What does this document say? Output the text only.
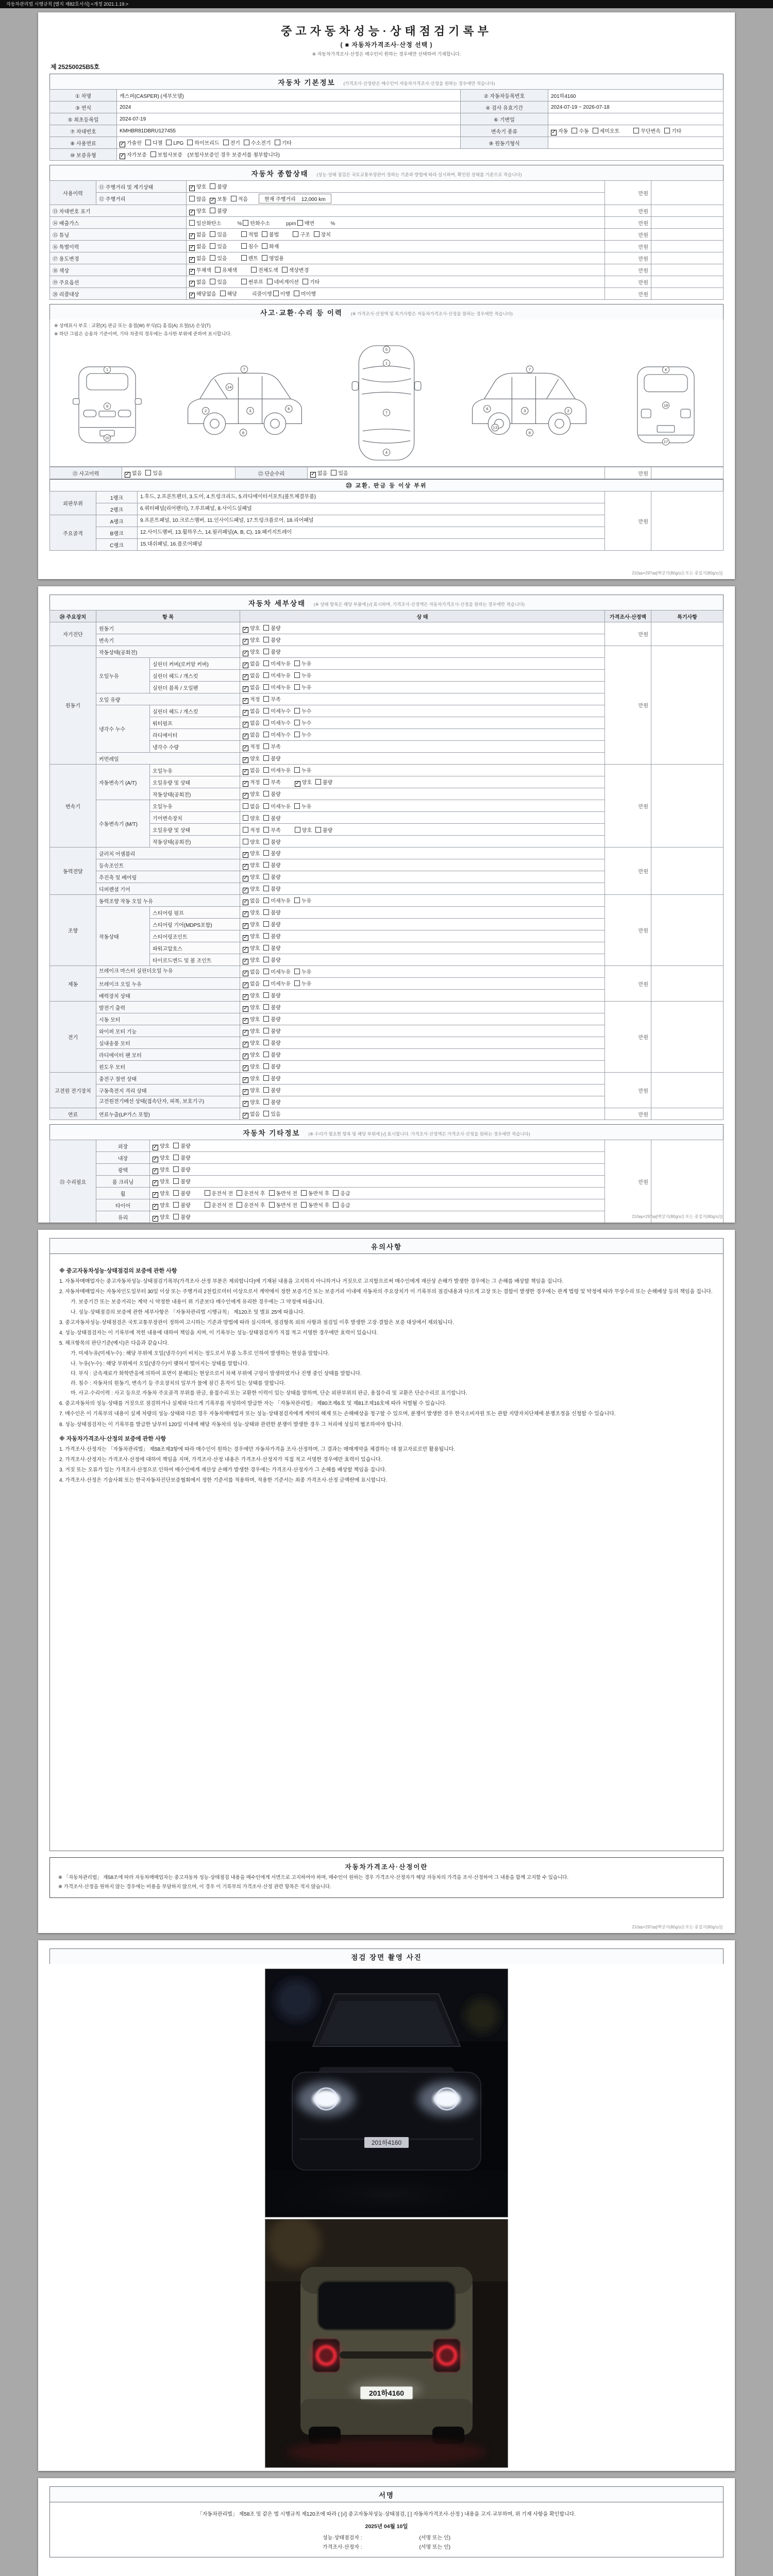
자동차관리법 시행규칙 [별지 제82호서식] <개정 2021.1.19.>
중고자동차성능·상태점검기록부
( ■ 자동차가격조사·산정 선택 )
※ 자동차가격조사·산정은 매수인이 원하는 경우에만 선택하여 기재합니다.
제 25250025B5호
자동차 기본정보 (가격조사·산정란은 매수인이 자동차가격조사·산정을 원하는 경우에만 적습니다)
① 차명	캐스퍼(CASPER) (세부모델)	② 자동차등록번호	201하4160
③ 연식	2024	④ 검사 유효기간	2024-07-19 ~ 2026-07-18
⑤ 최초등록일	2024-07-19	⑥ 기변일	
⑦ 차대번호	KMHBR81DBRU127455	변속기 종류	✓ 자동 수동 세미오토 무단변속 기타
⑧ 사용연료	✓ 가솔린 디젤 LPG 하이브리드 전기 수소전기 기타	⑨ 원동기형식	
⑩ 보증유형	✓ 자가보증 보험사보증 (보험사보증인 경우 보증서를 첨부합니다)		
자동차 종합상태 (성능·상태 점검은 국토교통부장관이 정하는 기준과 방법에 따라 실시하며, 확인된 상태를 기준으로 적습니다)
사용이력	⑪ 주행거리 및 계기상태	✓ 양호 불량	만원	
	⑫ 주행거리	많음 ✓ 보통 적음 현재 주행거리    12,000 km		
⑬ 차대번호 표기		✓ 양호 불량	만원	
⑭ 배출가스		일산화탄소        % 탄화수소        ppm 매연        %	만원	
⑮ 튜닝		✓ 없음 있음 적법 불법 구조 장치	만원	
⑯ 특별이력		✓ 없음 있음 침수 화재	만원	
⑰ 용도변경		✓ 없음 있음 렌트 영업용	만원	
⑱ 색상		✓ 무채색 유채색 전체도색 색상변경	만원	
⑲ 주요옵션		✓ 없음 있음 썬루프 네비게이션 기타	만원	
⑳ 리콜대상		✓ 해당없음 해당 리콜이행 이행 미이행	만원	
사고·교환·수리 등 이력 (※ 가격조사·산정액 및 특기사항은 자동차가격조사·산정을 원하는 경우에만 적습니다)
※ 상태표시 부호 : 교환(X) 판금 또는 용접(W) 부식(C) 흠집(A) 요철(U) 손상(T)
※ 하단 그림은 승용차 기준이며, 기타 차종의 경우에는 유사한 부위에 준하여 표시합니다.
1
9
10
2	3	6
7
8
14
5
1
7
4
2
3
6
7
8
13
4
18
17
㉑ 사고이력	✓ 없음 있음	㉒ 단순수리	✓ 없음 있음	만원	
㉓ 교환, 판금 등 이상 부위
외판부위	1랭크	1.후드, 2.프론트펜더, 3.도어, 4.트렁크리드, 5.라디에이터서포트(볼트체결부품)	만원	
	2랭크	6.쿼터패널(리어펜더), 7.루프패널, 8.사이드실패널		
주요골격	A랭크	9.프론트패널, 10.크로스멤버, 11.인사이드패널, 17.트렁크플로어, 18.리어패널		
	B랭크	12.사이드멤버, 13.휠하우스, 14.필러패널(A, B, C), 19.패키지트레이		
	C랭크	15.대쉬패널, 16.플로어패널		
210㎜×297㎜[백상지(80g/㎡) 또는 중질지(80g/㎡)]
자동차 세부상태 (※ 상태 항목은 해당 부품에 [√] 표시하며, 가격조사·산정액은 자동차가격조사·산정을 원하는 경우에만 적습니다)
㉔ 주요장치	항 목		상 태	가격조사·산정액	특기사항
자기진단	원동기		✓ 양호 불량	만원	
	변속기		✓ 양호 불량		
원동기	작동상태(공회전)		✓ 양호 불량	만원	
	오일누유	실린더 커버(로커암 커버)	✓ 없음 미세누유 누유		
		실린더 헤드 / 개스킷	✓ 없음 미세누유 누유		
		실린더 블록 / 오일팬	✓ 없음 미세누유 누유		
	오일 유량		✓ 적정 부족		
	냉각수 누수	실린더 헤드 / 개스킷	✓ 없음 미세누수 누수		
		워터펌프	✓ 없음 미세누수 누수		
		라디에이터	✓ 없음 미세누수 누수		
		냉각수 수량	✓ 적정 부족		
	커먼레일		✓ 양호 불량		
변속기	자동변속기 (A/T)	오일누유	✓ 없음 미세누유 누유	만원	
		오일유량 및 상태	✓ 적정 부족 ✓ 양호 불량		
		작동상태(공회전)	✓ 양호 불량		
	수동변속기 (M/T)	오일누유	없음 미세누유 누유		
		기어변속장치	양호 불량		
		오일유량 및 상태	적정 부족 양호 불량		
		작동상태(공회전)	양호 불량		
동력전달	클러치 어셈블리		✓ 양호 불량	만원	
	등속조인트		✓ 양호 불량		
	추진축 및 베어링		✓ 양호 불량		
	디퍼렌셜 기어		✓ 양호 불량		
조향	동력조향 작동 오일 누유		✓ 없음 미세누유 누유	만원	
	작동상태	스티어링 펌프	✓ 양호 불량		
		스티어링 기어(MDPS포함)	✓ 양호 불량		
		스티어링조인트	✓ 양호 불량		
		파워고압호스	✓ 양호 불량		
		타이로드엔드 및 볼 조인트	✓ 양호 불량		
제동	브레이크 마스터 실린더오일 누유		✓ 없음 미세누유 누유	만원	
	브레이크 오일 누유		✓ 없음 미세누유 누유		
	배력장치 상태		✓ 양호 불량		
전기	발전기 출력		✓ 양호 불량	만원	
	시동 모터		✓ 양호 불량		
	와이퍼 모터 기능		✓ 양호 불량		
	실내송풍 모터		✓ 양호 불량		
	라디에이터 팬 모터		✓ 양호 불량		
	윈도우 모터		✓ 양호 불량		
고전원 전기장치	충전구 절연 상태		✓ 양호 불량	만원	
	구동축전지 격리 상태		✓ 양호 불량		
	고전원전기배선 상태(접속단자, 피복, 보호기구)		✓ 양호 불량		
연료	연료누출(LP가스 포함)		✓ 없음 있음	만원	
자동차 기타정보 (※ 수리가 필요한 항목 및 해당 부위에 [√] 표시합니다. 가격조사·산정액은 가격조사·산정을 원하는 경우에만 적습니다)
㉕ 수리필요	외장	✓ 양호 불량	만원	
	내장	✓ 양호 불량		
	광택	✓ 양호 불량		
	룸 크리닝	✓ 양호 불량		
	휠	✓ 양호 불량 운전석 전 운전석 후 동반석 전 동반석 후 응급		
	타이어	✓ 양호 불량 운전석 전 운전석 후 동반석 전 동반석 후 응급		
	유리	✓ 양호 불량		

		210㎜×297㎜[백상지(80g/㎡) 또는 중질지(80g/㎡)]
유의사항
※ 중고자동차성능·상태점검의 보증에 관한 사항
1. 자동차매매업자는 중고자동차성능·상태점검기록부(가격조사·산정 부분은 제외합니다)에 기재된 내용을 고지하지 아니하거나 거짓으로 고지함으로써 매수인에게 재산상 손해가 발생한 경우에는 그 손해를 배상할 책임을 집니다.
2. 자동차매매업자는 자동차인도일부터 30일 이상 또는 주행거리 2천킬로미터 이상으로서 계약에서 정한 보증기간 또는 보증거리 이내에 자동차의 주요장치가 이 기록부의 점검내용과 다르게 고장 또는 결함이 발생한 경우에는 관계 법령 및 약정에 따라 무상수리 또는 손해배상 등의 책임을 집니다.
가. 보증기간 또는 보증거리는 계약 시 약정한 내용이 위 기준보다 매수인에게 유리한 경우에는 그 약정에 따릅니다.
나. 성능·상태점검의 보증에 관한 세부사항은 「자동차관리법 시행규칙」 제120조 및 별표 25에 따릅니다.
3. 중고자동차성능·상태점검은 국토교통부장관이 정하여 고시하는 기준과 방법에 따라 실시하며, 점검항목 외의 사항과 점검일 이후 발생한 고장·결함은 보증 대상에서 제외됩니다.
4. 성능·상태점검자는 이 기록부에 적힌 내용에 대하여 책임을 지며, 이 기록부는 성능·상태점검자가 직접 적고 서명한 경우에만 효력이 있습니다.
5. 체크항목의 판단기준(예시)은 다음과 같습니다.
가. 미세누유(미세누수) : 해당 부위에 오일(냉각수)이 비치는 정도로서 부품 노후로 인하여 발생하는 현상을 말합니다.
나. 누유(누수) : 해당 부위에서 오일(냉각수)이 맺혀서 떨어지는 상태를 말합니다.
다. 부식 : 금속재료가 화학반응에 의하여 표면이 분해되는 현상으로서 차체 부위에 구멍이 발생하였거나 진행 중인 상태를 말합니다.
라. 침수 : 자동차의 원동기, 변속기 등 주요장치의 일부가 물에 잠긴 흔적이 있는 상태를 말합니다.
마. 사고·수리이력 : 사고 등으로 자동차 주요골격 부위를 판금, 용접수리 또는 교환한 이력이 있는 상태를 말하며, 단순 외판부위의 판금, 용접수리 및 교환은 단순수리로 표기합니다.
6. 중고자동차의 성능·상태를 거짓으로 점검하거나 실제와 다르게 기록부를 작성하여 발급한 자는 「자동차관리법」 제80조제6호 및 제81조제16호에 따라 처벌될 수 있습니다.
7. 매수인은 이 기록부의 내용이 실제 차량의 성능·상태와 다른 경우 자동차매매업자 또는 성능·상태점검자에게 계약의 해제 또는 손해배상을 청구할 수 있으며, 분쟁이 발생한 경우 한국소비자원 또는 관할 지방자치단체에 분쟁조정을 신청할 수 있습니다.
8. 성능·상태점검자는 이 기록부를 발급한 날부터 120일 이내에 해당 자동차의 성능·상태와 관련한 분쟁이 발생한 경우 그 처리에 성실히 협조하여야 합니다.
※ 자동차가격조사·산정의 보증에 관한 사항
1. 가격조사·산정자는 「자동차관리법」 제58조제3항에 따라 매수인이 원하는 경우에만 자동차가격을 조사·산정하며, 그 결과는 매매계약을 체결하는 데 참고자료로만 활용됩니다.
2. 가격조사·산정자는 가격조사·산정에 대하여 책임을 지며, 가격조사·산정 내용은 가격조사·산정자가 직접 적고 서명한 경우에만 효력이 있습니다.
3. 거짓 또는 오류가 있는 가격조사·산정으로 인하여 매수인에게 재산상 손해가 발생한 경우에는 가격조사·산정자가 그 손해를 배상할 책임을 집니다.
4. 가격조사·산정은 기술사회 또는 한국자동차진단보증협회에서 정한 기준서를 적용하며, 적용한 기준서는 최종 가격조사·산정 금액란에 표시합니다.
자동차가격조사·산정이란
※ 「자동차관리법」 제58조에 따라 자동차매매업자는 중고자동차 성능·상태점검 내용을 매수인에게 서면으로 고지하여야 하며, 매수인이 원하는 경우 가격조사·산정자가 해당 자동차의 가격을 조사·산정하여 그 내용을 함께 고지할 수 있습니다.
※ 가격조사·산정을 원하지 않는 경우에는 비용을 부담하지 않으며, 이 경우 이 기록부의 가격조사·산정 관련 항목은 적지 않습니다.
210㎜×297㎜[백상지(80g/㎡) 또는 중질지(80g/㎡)]
점검 장면 촬영 사진
201하4160
201하4160
서명
「자동차관리법」 제58조 및 같은 법 시행규칙 제120조에 따라 ( [√] 중고자동차성능·상태점검, [ ] 자동차가격조사·산정 ) 내용을 고지·교부하며, 위 기재 사항을 확인합니다.
2025년 04월 10일
성능·상태점검자 :                                        (서명 또는 인)
가격조사·산정자 :                                        (서명 또는 인)
